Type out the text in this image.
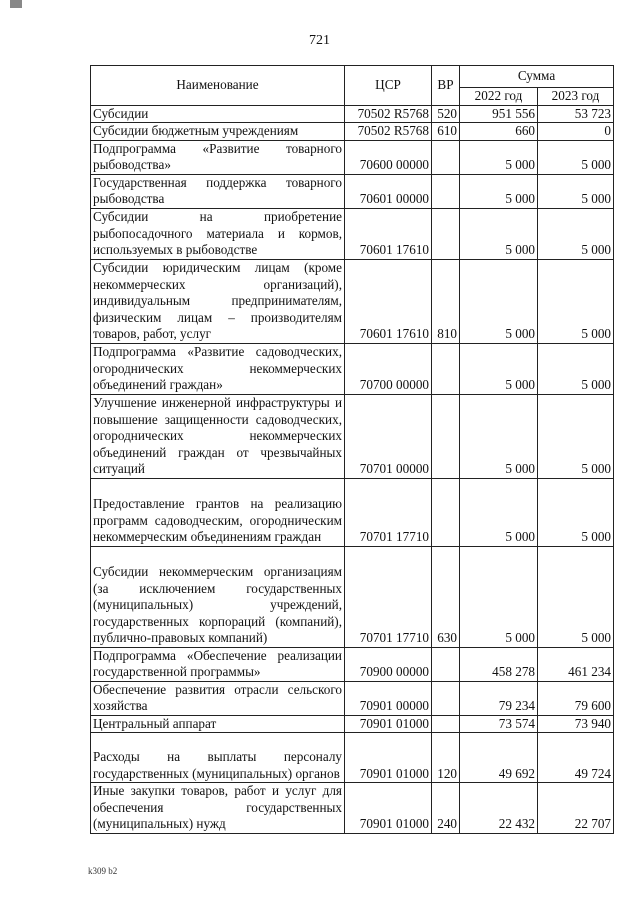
721
Наименование	ЦСР	ВР	Сумма	
			2022 год	2023 год
Субсидии	70502 R5768	520	951 556	53 723
Субсидии бюджетным учреждениям	70502 R5768	610	660	0
Подпрограмма «Развитие товарного рыбоводства»	70600 00000		5 000	5 000
Государственная поддержка товарного рыбоводства	70601 00000		5 000	5 000
Субсидии на приобретение рыбопосадочного материала и кормов, используемых в рыбоводстве	70601 17610		5 000	5 000
Субсидии юридическим лицам (кроме некоммерческих организаций), индивидуальным предпринимателям, физическим лицам – производителям товаров, работ, услуг	70601 17610	810	5 000	5 000
Подпрограмма «Развитие садоводческих, огороднических некоммерческих объединений граждан»	70700 00000		5 000	5 000
Улучшение инженерной инфраструктуры и повышение защищенности садоводческих, огороднических некоммерческих объединений граждан от чрезвычайных ситуаций	70701 00000		5 000	5 000
Предоставление грантов на реализацию программ садоводческим, огородническим некоммерческим объединениям граждан	70701 17710		5 000	5 000
Субсидии некоммерческим организациям (за исключением государственных (муниципальных) учреждений, государственных корпораций (компаний), публично-правовых компаний)	70701 17710	630	5 000	5 000
Подпрограмма «Обеспечение реализации государственной программы»	70900 00000		458 278	461 234
Обеспечение развития отрасли сельского хозяйства	70901 00000		79 234	79 600
Центральный аппарат	70901 01000		73 574	73 940
Расходы на выплаты персоналу государственных (муниципальных) органов	70901 01000	120	49 692	49 724
Иные закупки товаров, работ и услуг для обеспечения государственных (муниципальных) нужд	70901 01000	240	22 432	22 707
k309 b2
